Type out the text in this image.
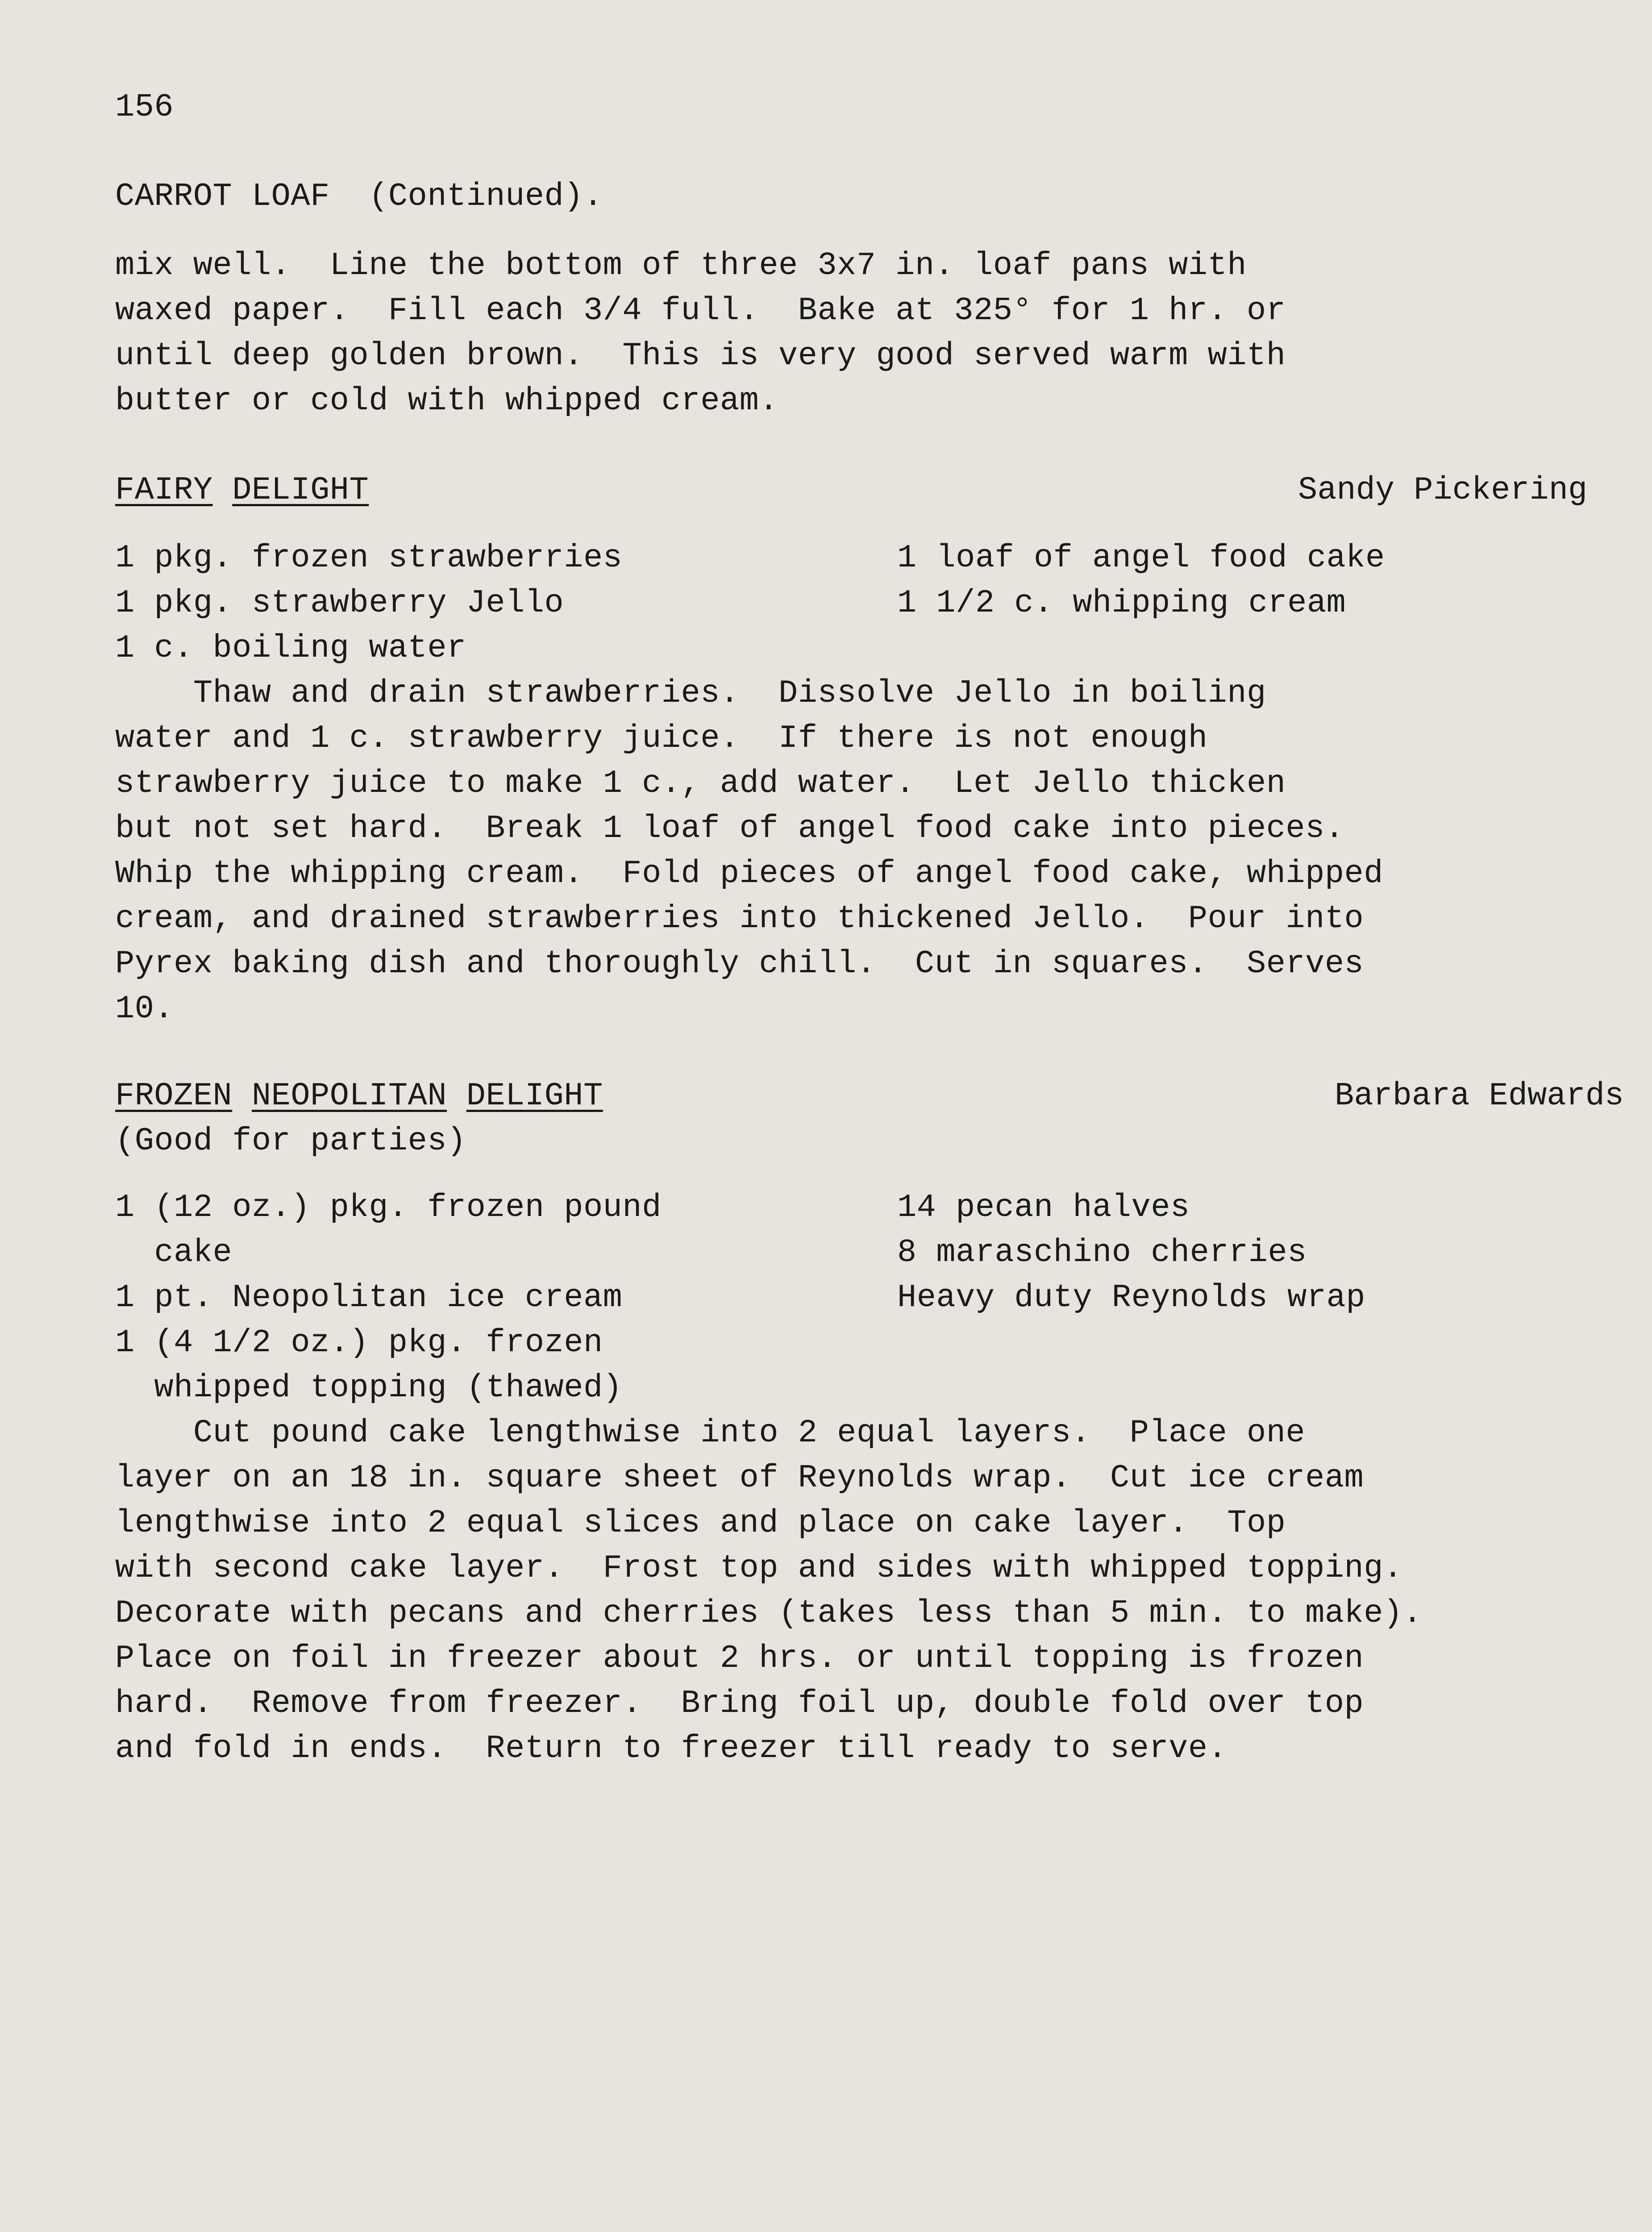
156
CARROT LOAF  (Continued).
mix well.  Line the bottom of three 3x7 in. loaf pans with
waxed paper.  Fill each 3/4 full.  Bake at 325° for 1 hr. or
until deep golden brown.  This is very good served warm with
butter or cold with whipped cream.
FAIRY DELIGHT	Sandy Pickering
1 pkg. frozen strawberries	1 loaf of angel food cake
1 pkg. strawberry Jello	1 1/2 c. whipping cream
1 c. boiling water
Thaw and drain strawberries.  Dissolve Jello in boiling
water and 1 c. strawberry juice.  If there is not enough
strawberry juice to make 1 c., add water.  Let Jello thicken
but not set hard.  Break 1 loaf of angel food cake into pieces.
Whip the whipping cream.  Fold pieces of angel food cake, whipped
cream, and drained strawberries into thickened Jello.  Pour into
Pyrex baking dish and thoroughly chill.  Cut in squares.  Serves
10.
FROZEN NEOPOLITAN DELIGHT	Barbara Edwards
(Good for parties)
1 (12 oz.) pkg. frozen pound	14 pecan halves
cake	8 maraschino cherries
1 pt. Neopolitan ice cream	Heavy duty Reynolds wrap
1 (4 1/2 oz.) pkg. frozen
whipped topping (thawed)
Cut pound cake lengthwise into 2 equal layers.  Place one
layer on an 18 in. square sheet of Reynolds wrap.  Cut ice cream
lengthwise into 2 equal slices and place on cake layer.  Top
with second cake layer.  Frost top and sides with whipped topping.
Decorate with pecans and cherries (takes less than 5 min. to make).
Place on foil in freezer about 2 hrs. or until topping is frozen
hard.  Remove from freezer.  Bring foil up, double fold over top
and fold in ends.  Return to freezer till ready to serve.
